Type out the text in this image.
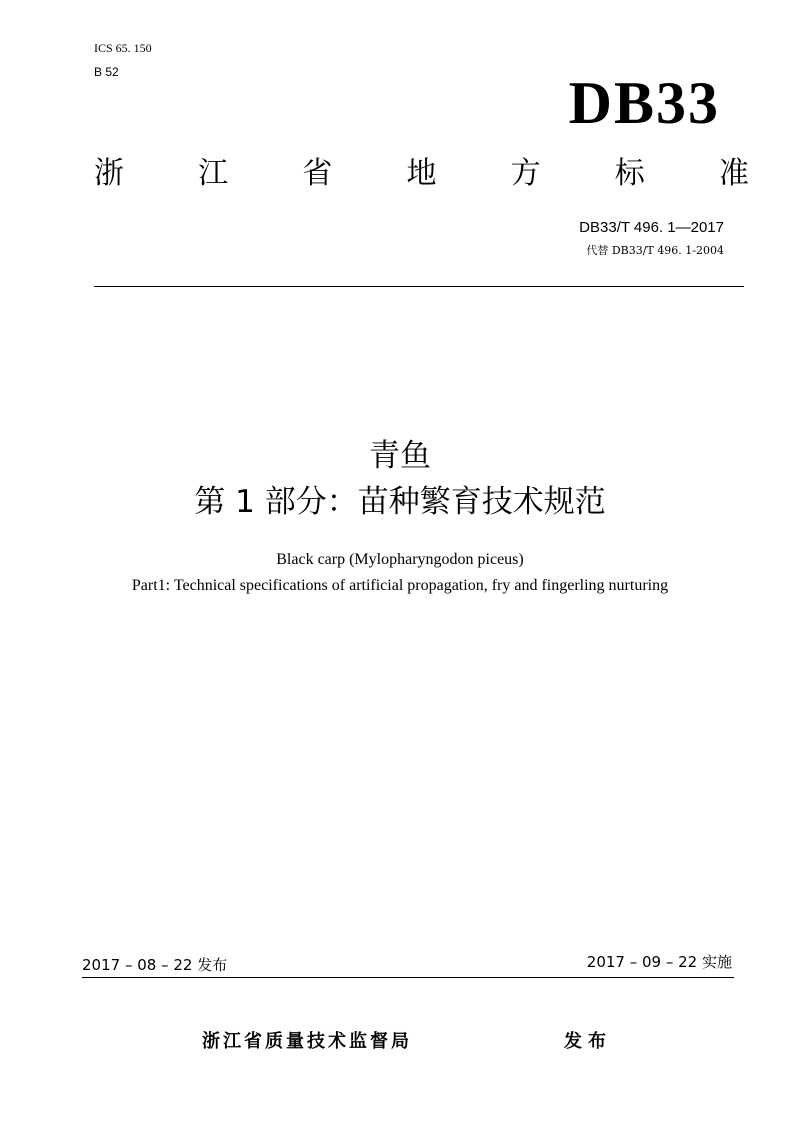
ICS 65. 150
B 52	DB33
浙 江 省 地 方 标 准
DB33/T 496. 1—2017
代替 DB33/T 496. 1-2004
青鱼
第 1 部分：苗种繁育技术规范
Black carp (Mylopharyngodon piceus)
Part1: Technical specifications of artificial propagation, fry and fingerling nurturing
2017 – 08 – 22 发布	2017 – 09 – 22 实施
浙江省质量技术监督局	发布
